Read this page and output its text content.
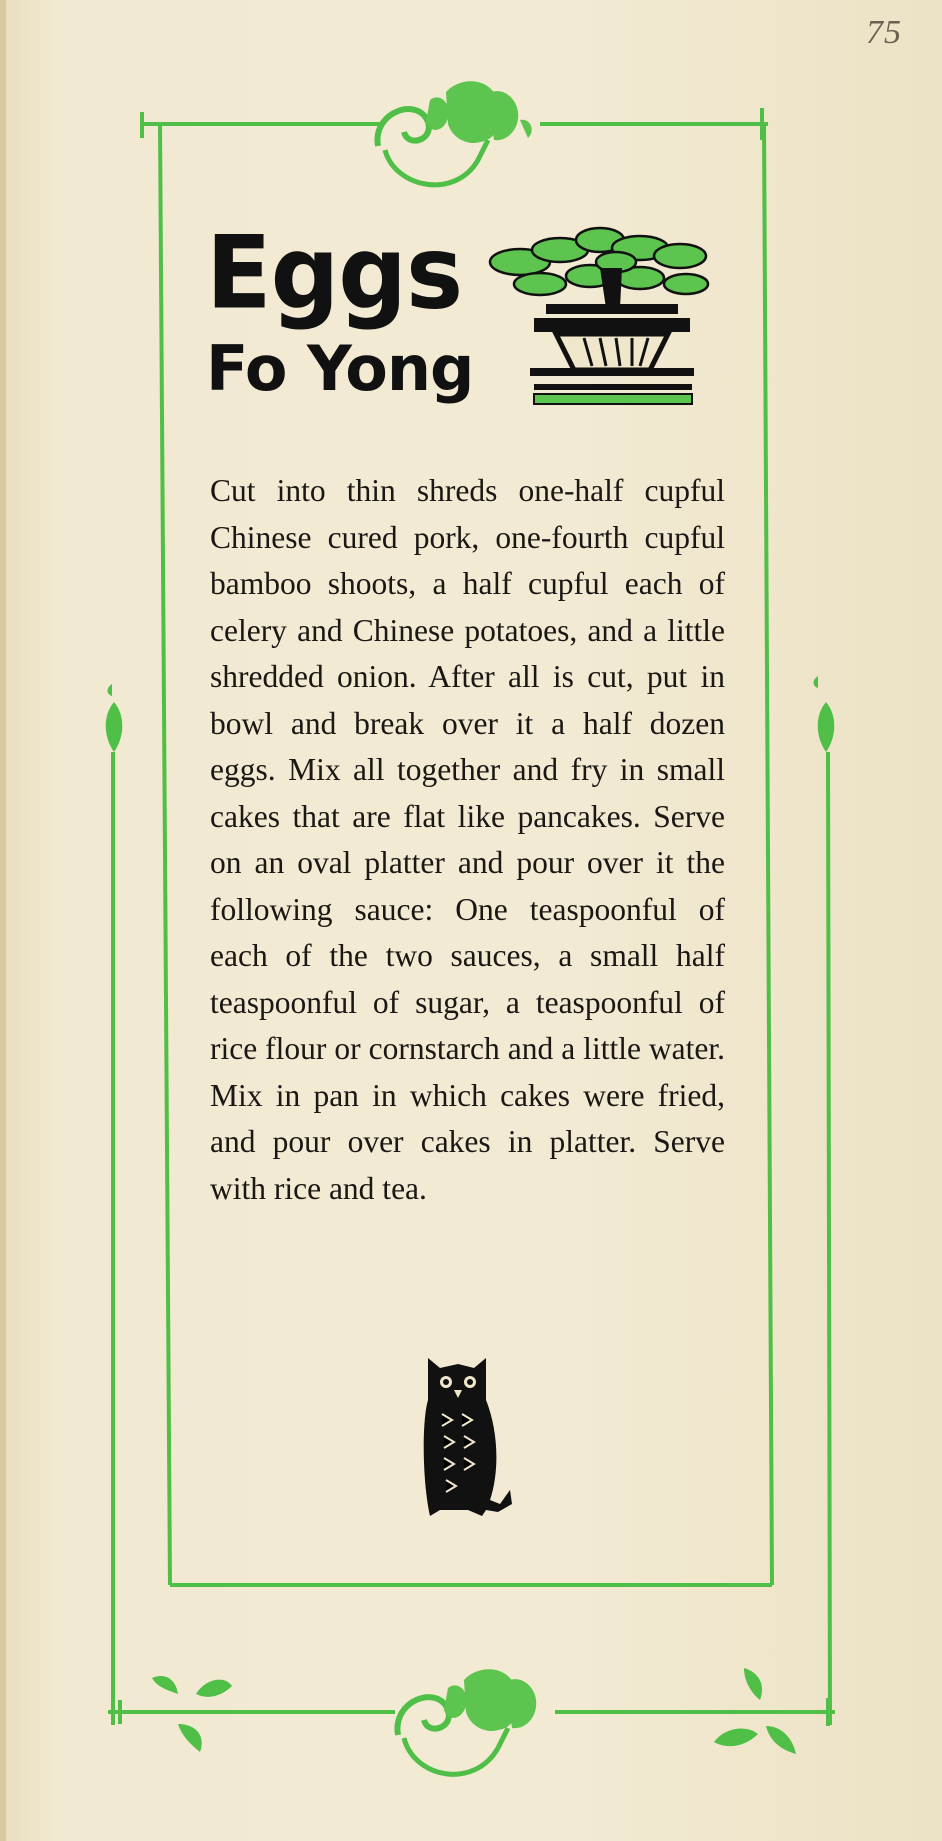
75
Eggs
Fo Yong
Cut into thin shreds one-half cupful Chinese cured pork, one-fourth cupful bamboo shoots, a half cupful each of celery and Chinese potatoes, and a little shredded onion. After all is cut, put in bowl and break over it a half dozen eggs. Mix all together and fry in small cakes that are flat like pancakes. Serve on an oval platter and pour over it the following sauce: One teaspoonful of each of the two sauces, a small half teaspoonful of sugar, a teaspoonful of rice flour or cornstarch and a little water. Mix in pan in which cakes were fried, and pour over cakes in platter. Serve with rice and tea.
